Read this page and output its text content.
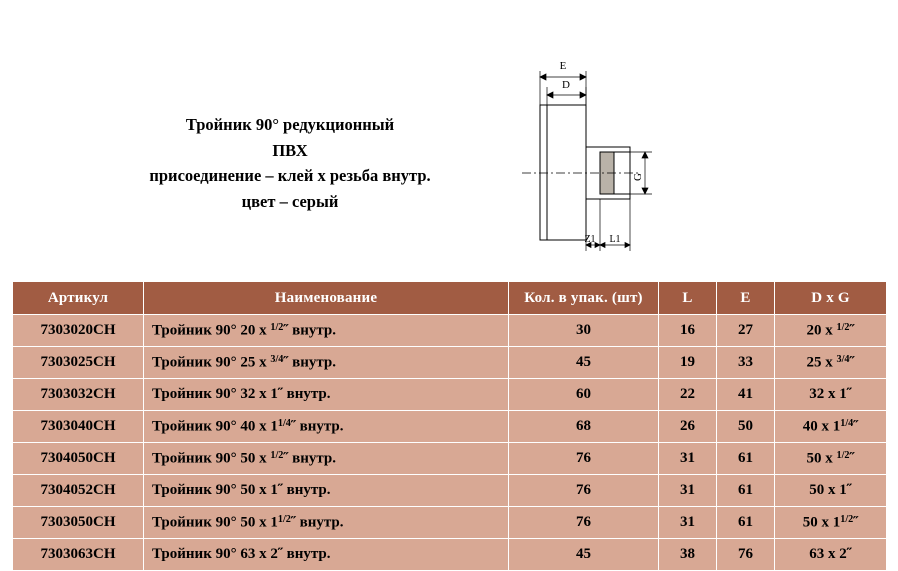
Тройник 90° редукционный
ПВХ
присоединение – клей х резьба внутр.
цвет – серый
E
D
G
Z1 L1
Артикул	Наименование	Кол. в упак. (шт)	L	E	D x G
7303020СН	Тройник 90° 20 х $^{1/2}$˝ внутр.	30	16	27	20 х $^{1/2}$˝
7303025СН	Тройник 90° 25 х $^{3/4}$˝ внутр.	45	19	33	25 х $^{3/4}$˝
7303032СН	Тройник 90° 32 х 1˝ внутр.	60	22	41	32 х 1˝
7303040СН	Тройник 90° 40 х $1^{1/4}˝$ внутр.	68	26	50	40 х $1^{1/4}˝$
7304050СН	Тройник 90° 50 х $^{1/2}$˝ внутр.	76	31	61	50 х $^{1/2}$˝
7304052СН	Тройник 90° 50 х 1˝ внутр.	76	31	61	50 х 1˝
7303050СН	Тройник 90° 50 х $1^{1/2}˝$ внутр.	76	31	61	50 х $1^{1/2}˝$
7303063СН	Тройник 90° 63 х 2˝ внутр.	45	38	76	63 х 2˝
